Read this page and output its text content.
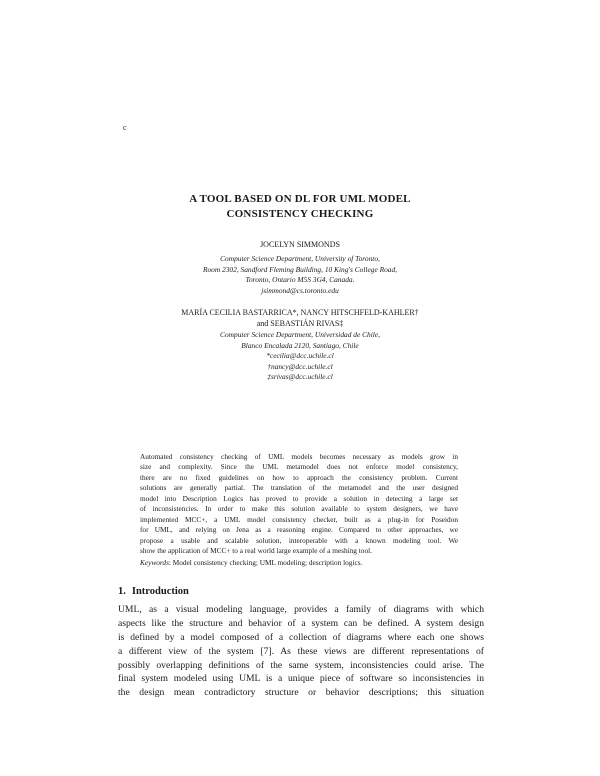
c
A TOOL BASED ON DL FOR UML MODEL
CONSISTENCY CHECKING
JOCELYN SIMMONDS
Computer Science Department, University of Toronto,
Room 2302, Sandford Fleming Building, 10 King's College Road,
Toronto, Ontario M5S 3G4, Canada.
jsimmond@cs.toronto.edu
MARÍA CECILIA BASTARRICA*, NANCY HITSCHFELD-KAHLER†
and SEBASTIÁN RIVAS‡
Computer Science Department, Universidad de Chile,
Blanco Encalada 2120, Santiago, Chile
*cecilia@dcc.uchile.cl
†nancy@dcc.uchile.cl
‡srivas@dcc.uchile.cl
Automated consistency checking of UML models becomes necessary as models grow in
size and complexity. Since the UML metamodel does not enforce model consistency,
there are no fixed guidelines on how to approach the consistency problem. Current
solutions are generally partial. The translation of the metamodel and the user designed
model into Description Logics has proved to provide a solution in detecting a large set
of inconsistencies. In order to make this solution available to system designers, we have
implemented MCC+, a UML model consistency checker, built as a plug-in for Poseidon
for UML, and relying on Jena as a reasoning engine. Compared to other approaches, we
propose a usable and scalable solution, interoperable with a known modeling tool. We
show the application of MCC+ to a real world large example of a meshing tool.
Keywords: Model consistency checking; UML modeling; description logics.
1. Introduction
UML, as a visual modeling language, provides a family of diagrams with which
aspects like the structure and behavior of a system can be defined. A system design
is defined by a model composed of a collection of diagrams where each one shows
a different view of the system [7]. As these views are different representations of
possibly overlapping definitions of the same system, inconsistencies could arise. The
final system modeled using UML is a unique piece of software so inconsistencies in
the design mean contradictory structure or behavior descriptions; this situation
